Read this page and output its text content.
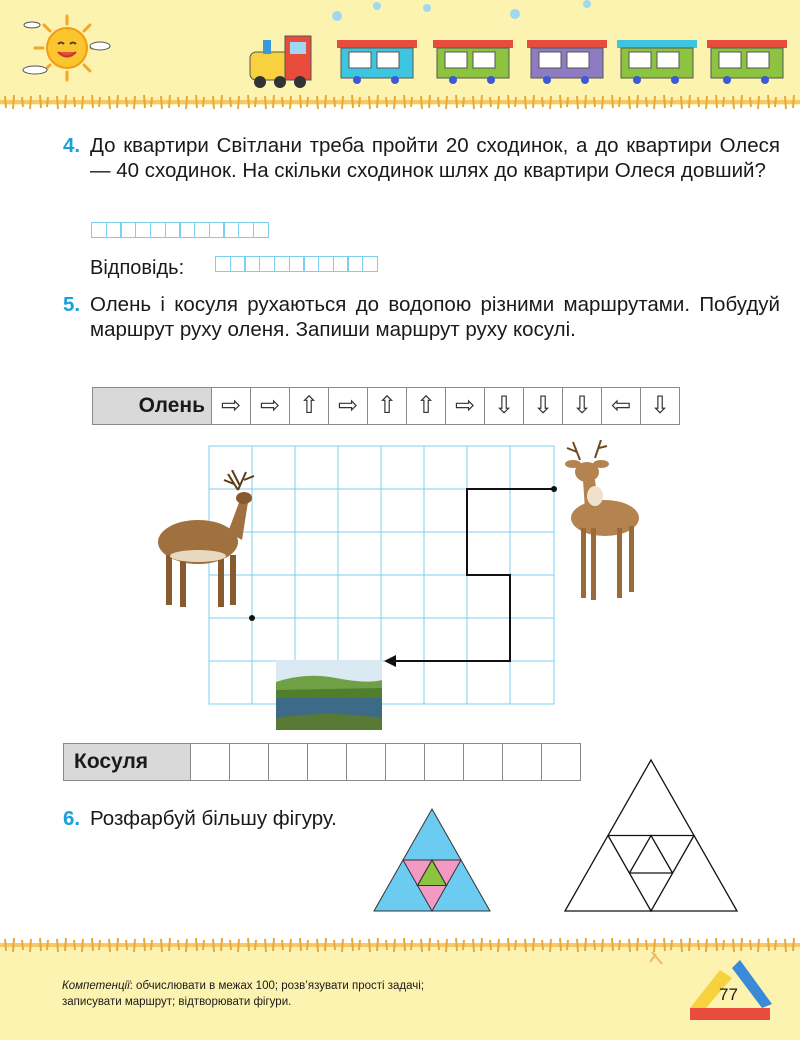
4. До квартири Світлани треба пройти 20 сходинок, а до квартири Олеся — 40 сходинок. На скільки сходинок шлях до квартири Олеся довший?
Відповідь:
5. Олень і косуля рухаються до водопою різними маршрутами. Побудуй маршрут руху оленя. Запиши маршрут руху косулі.
Олень	⇨	⇨	⇧	⇨	⇧	⇧	⇨	⇩	⇩	⇩	⇦	⇩
Косуля										
6. Розфарбуй більшу фігуру.
Компетенції: обчислювати в межах 100; розв’язувати прості задачі;
записувати маршрут; відтворювати фігури.	77
